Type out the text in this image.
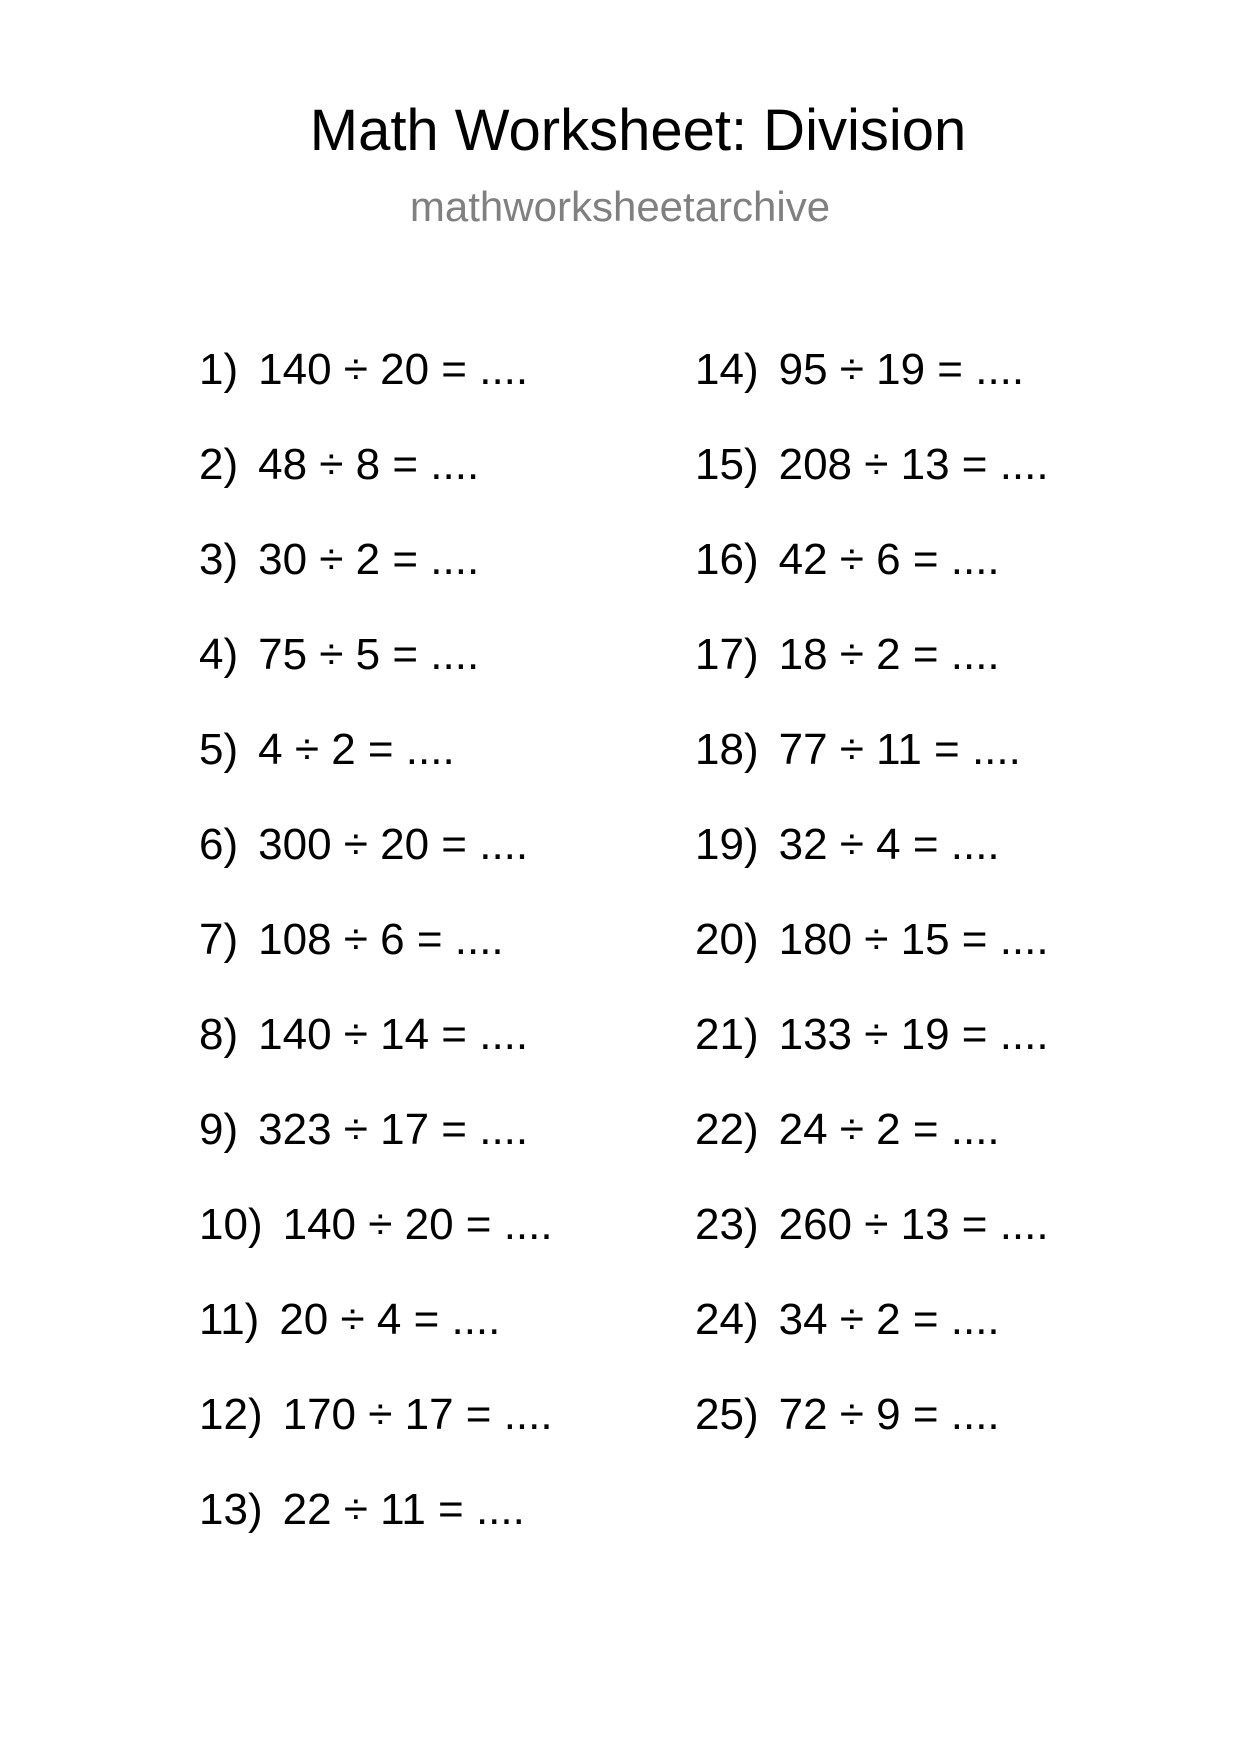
Math Worksheet: Division
mathworksheetarchive
1) 140 ÷ 20 = ....
2) 48 ÷ 8 = ....
3) 30 ÷ 2 = ....
4) 75 ÷ 5 = ....
5) 4 ÷ 2 = ....
6) 300 ÷ 20 = ....
7) 108 ÷ 6 = ....
8) 140 ÷ 14 = ....
9) 323 ÷ 17 = ....
10) 140 ÷ 20 = ....
11) 20 ÷ 4 = ....
12) 170 ÷ 17 = ....
13) 22 ÷ 11 = ....
14) 95 ÷ 19 = ....
15) 208 ÷ 13 = ....
16) 42 ÷ 6 = ....
17) 18 ÷ 2 = ....
18) 77 ÷ 11 = ....
19) 32 ÷ 4 = ....
20) 180 ÷ 15 = ....
21) 133 ÷ 19 = ....
22) 24 ÷ 2 = ....
23) 260 ÷ 13 = ....
24) 34 ÷ 2 = ....
25) 72 ÷ 9 = ....
